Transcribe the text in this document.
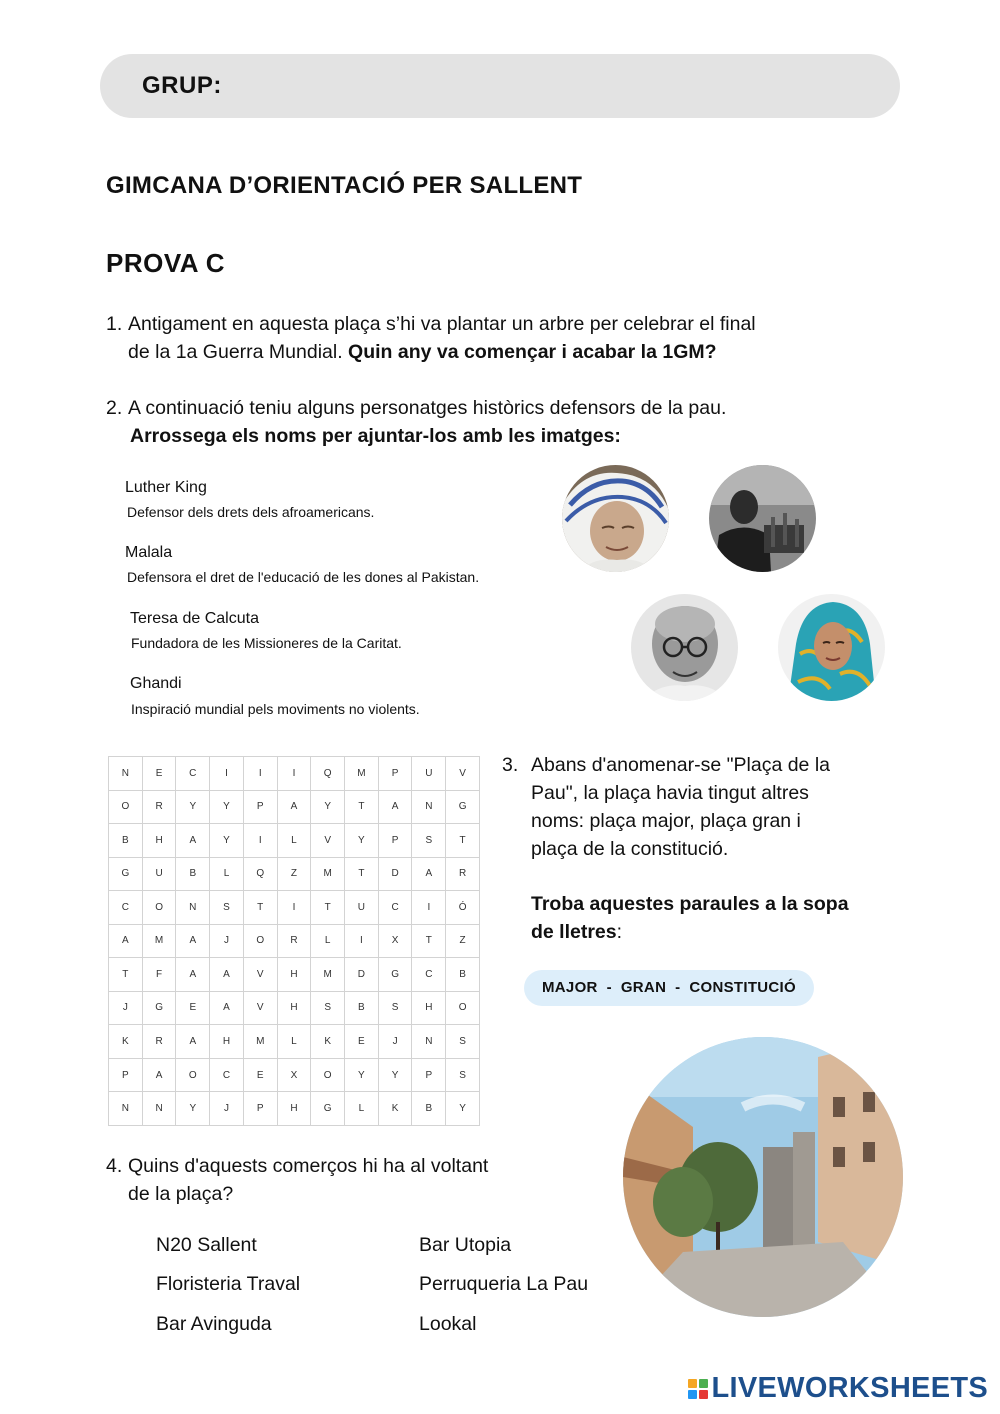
GRUP:
GIMCANA D’ORIENTACIÓ PER SALLENT
PROVA C
1. Antigament en aquesta plaça s’hi va plantar un arbre per celebrar el final
de la 1a Guerra Mundial. Quin any va començar i acabar la 1GM?
2. A continuació teniu alguns personatges històrics defensors de la pau.
Arrossega els noms per ajuntar-los amb les imatges:
Luther King
Defensor dels drets dels afroamericans.
Malala
Defensora el dret de l'educació de les dones al Pakistan.
Teresa de Calcuta
Fundadora de les Missioneres de la Caritat.
Ghandi
Inspiració mundial pels moviments no violents.
N	E	C	I	I	I	Q	M	P	U	V
O	R	Y	Y	P	A	Y	T	A	N	G
B	H	A	Y	I	L	V	Y	P	S	T
G	U	B	L	Q	Z	M	T	D	A	R
C	O	N	S	T	I	T	U	C	I	Ó
A	M	A	J	O	R	L	I	X	T	Z
T	F	A	A	V	H	M	D	G	C	B
J	G	E	A	V	H	S	B	S	H	O
K	R	A	H	M	L	K	E	J	N	S
P	A	O	C	E	X	O	Y	Y	P	S
N	N	Y	J	P	H	G	L	K	B	Y
3. Abans d'anomenar-se "Plaça de la
Pau", la plaça havia tingut altres
noms: plaça major, plaça gran i
plaça de la constitució.
Troba aquestes paraules a la sopa
de lletres:
MAJOR  -  GRAN  -  CONSTITUCIÓ
4. Quins d'aquests comerços hi ha al voltant
de la plaça?
N20 Sallent
Floristeria Traval
Bar Avinguda
Bar Utopia
Perruqueria La Pau
Lookal
LIVEWORKSHEETS
